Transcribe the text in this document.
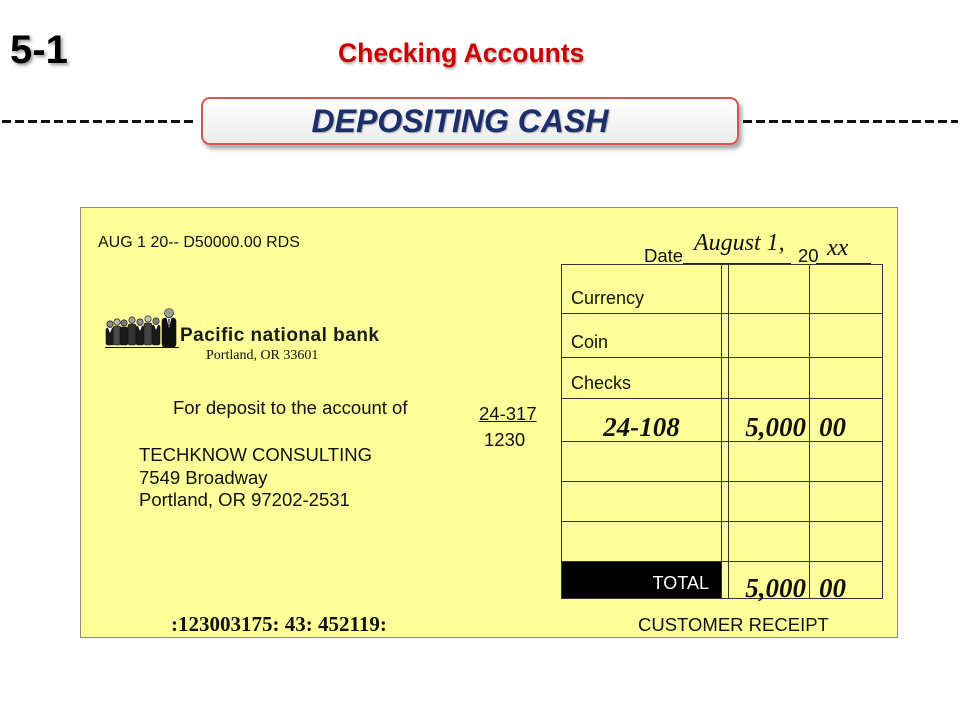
5-1	Checking Accounts
DEPOSITING CASH
AUG 1 20-- D50000.00 RDS
Date August 1, 20 xx
Pacific national bank
Portland, OR 33601
For deposit to the account of	24-317
1230
TECHKNOW CONSULTING
7549 Broadway
Portland, OR 97202-2531
:123003175: 43: 452119:	CUSTOMER RECEIPT
Currency
Coin
Checks
24-108 5,000 00
TOTAL 5,000 00
